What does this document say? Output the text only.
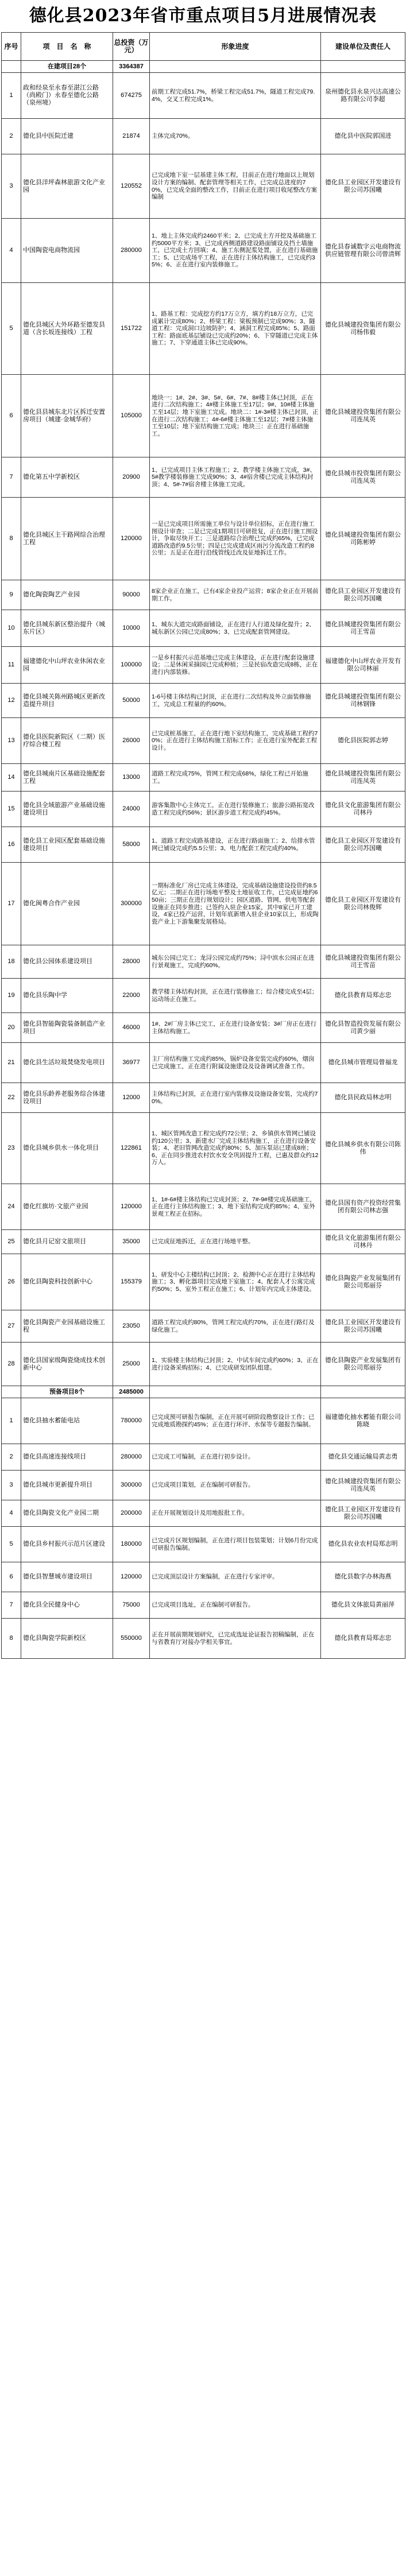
德化县2023年省市重点项目5月进展情况表
序号	项　目　名　称	总投资（万元）	形象进度	建设单位及责任人
	在建项目28个	3364387		
1	政和经泉至永春至湛江公路（尚殿门）永春至德化公路（泉州境）	674275	前期工程完成51.7%，桥梁工程完成51.7%，隧道工程完成79.4%，交叉工程完成1%。	泉州德化县永泉兴达高速公路有限公司李超
2	德化县中医院迁建	21874	主体完成70%。	德化县中医院郭国进
3	德化县洋坪森林旅游文化产业园	120552	已完成地下室一层基建主体工程，目前正在进行地面以上规划设计方案的编制、配套管理等相关工作，已完成总进度的70%，已完成全面的整改工作，目前正在进行项目收尾整改方案编制	德化县工业园区开发建设有限公司苏国曦
4	中国陶瓷电商物流园	280000	1、地上主体完成约2460平米；2、已完成土方开挖及基础施工约5000平方米；3、已完成西侧道路建设路面铺设及挡土墙施工，已完成土方回填；4、施工东侧泥浆处置，正在进行基础施工；5、已完成场平工程，正在进行主体结构施工，已完成约35%；6、正在进行室内装修施工。	德化县春诚数字云电商物流供应链管理有限公司曾清辉
5	德化县城区大外环路至德发县道（含长坂连接线）工程	151722	1、路基工程：完成挖方约17万立方，填方约18万立方，已完成累计完成80%；2、桥梁工程：梁板预制已完成90%；3、隧道工程：完成洞口边坡防护；4、涵洞工程完成85%；5、路面工程：路面底基层铺设已完成约20%；6、下穿隧道已完成主体施工；7、下穿通道主体已完成90%。	德化县城建投资集团有限公司杨伟毅
6	德化县县城东北片区拆迁安置房项目（城建·金城华府）	105000	地块一：1#、2#、3#、5#、6#、7#、8#楼主体已封顶，正在进行二次结构施工；4#楼主体施工至17层；9#、10#楼主体施工至14层；地下室施工完成。地块二：1#-3#楼主体已封顶，正在进行二次结构施工；4#-6#楼主体施工至12层；7#楼主体施工至10层；地下室结构施工完成；地块三：正在进行基础施工。	德化县城建投资集团有限公司连凤英
7	德化第五中学新校区	20900	1、已完成项目主体工程施工；2、教学楼主体施工完成，3#、5#教学楼装修施工完成90%；3、4#宿舍楼已完成主体结构封顶；4、5#-7#宿舍楼主体施工完成。	德化县城市投资集团有限公司连凤英
8	德化县城区主干路网综合治理工程	120000	一是已完成项目所需施工单位与设计单位招标，正在进行施工图设计审查；二是已完成1期项目可研批复，正在进行施工图设计，争取尽快开工；三是道路综合治理已完成约65%，已完成道路改造约9.5公里；四是已完成建成区雨污分流改造工程约8公里；五是正在进行沿线管线迁改及征地拆迁工作。	德化县城建投资集团有限公司陈彬婷
9	德化陶瓷陶艺产业园	90000	8家企业正在施工，已有4家企业投产运营；8家企业正在开展前期工作。	德化县工业园区开发建设有限公司苏国曦
10	德化县城东新区整治提升（城东片区）	10000	1、城东大道完成路面铺设，正在进行人行道及绿化提升；2、城东新区公园已完成80%；3、已完成配套管网建设。	德化县城建投资集团有限公司王雪苗
11	福建德化中山坪农业休闲农业园	100000	一是乡村振兴示范基地已完成主体建设，正在进行配套设施建设；二是休闲采摘园已完成种植；三是民宿改造完成8栋，正在进行内部装修。	福建德化中山坪农业开发有限公司林丽
12	德化县城关陈州路城区更新改造提升项目	50000	1-6号楼主体结构已封顶，正在进行二次结构及外立面装修施工，完成总工程量的约60%。	德化县城建投资集团有限公司林钢锋
13	德化县医院新院区（二期）医疗综合楼工程	26000	已完成桩基施工，正在进行地下室结构施工，完成基础工程约70%；正在进行主体结构施工招标工作；正在进行室外配套工程设计。	德化县医院郭志婷
14	德化县城南片区基础设施配套工程	13000	道路工程完成75%，管网工程完成68%，绿化工程已开始施工。	德化县城建投资集团有限公司连凤英
15	德化县全域旅游产业基础设施建设项目	24000	游客集散中心主体完工，正在进行装修施工；旅游公路拓宽改造工程完成约56%；景区游步道工程完成约45%。	德化县文化旅游集团有限公司林丹
16	德化县工业园区配套基础设施建设项目	58000	1、道路工程完成路基建设，正在进行路面施工；2、给排水管网已铺设完成约5.5公里；3、电力配套工程完成约40%。	德化县工业园区开发建设有限公司苏国曦
17	德化闽粤合作产业园	300000	一期标准化厂房已完成主体建设，完成基础设施建设投资约8.5亿元；二期正在进行场地平整及土地征收工作，已完成征地约650亩；三期正在进行规划设计；园区道路、管网、供电等配套设施正在同步推进；已签约入驻企业15家，其中8家已开工建设，4家已投产运营，计划年底新增入驻企业10家以上，形成陶瓷产业上下游集聚发展格局。	德化县工业园区开发建设有限公司林俊辉
18	德化县公园体系建设项目	28000	城东公园已完工；龙浔公园完成约75%；浔中滨水公园正在进行景观施工，完成约60%。	德化县城建投资集团有限公司王雪苗
19	德化县乐陶中学	22000	教学楼主体结构封顶，正在进行装修施工；综合楼完成至4层；运动场正在施工。	德化县教育局郑志忠
20	德化县智能陶瓷装备制造产业项目	46000	1#、2#厂房主体已完工，正在进行设备安装；3#厂房正在进行主体结构施工。	德化县智造投资发展有限公司黄少丽
21	德化县生活垃圾焚烧发电项目	36977	主厂房结构施工完成约85%，锅炉设备安装完成约60%，烟囱已完成施工，正在进行附属设施建设及设备调试准备工作。	德化县城市管理局曾福龙
22	德化县乐龄养老服务综合体建设项目	12000	主体结构已封顶，正在进行室内装修及设施设备安装，完成约70%。	德化县民政局林志明
23	德化县城乡供水一体化项目	122861	1、城区管网改造工程完成约72公里；2、乡镇供水管网已铺设约120公里；3、新建水厂完成主体结构施工，正在进行设备安装；4、老旧管网改造完成约80%；5、加压泵站已建成8座；6、正在同步推进农村饮水安全巩固提升工程，已惠及群众约12万人。	德化县城乡供水有限公司陈伟
24	德化红旗坊·文旅产业园	120000	1、1#-6#楼主体结构已完成封顶；2、7#-9#楼完成基础施工，正在进行主体结构施工；3、地下室结构完成约85%；4、室外景观工程正在招标。	德化县国有资产投资经营集团有限公司林志强
25	德化县月记窑文旅项目	35000	已完成征地拆迁，正在进行场地平整。	德化县文化旅游集团有限公司林丹
26	德化县陶瓷科技创新中心	155379	1、研发中心主楼结构已封顶；2、检测中心正在进行主体结构施工；3、孵化器项目完成地下室施工；4、配套人才公寓完成约50%；5、室外工程正在施工；6、计划年内完成主体建设。	德化县陶瓷产业发展集团有限公司郑丽芬
27	德化县陶瓷产业园基础设施工程	23050	道路工程完成约80%，管网工程完成约70%，正在进行路灯及绿化施工。	德化县工业园区开发建设有限公司苏国曦
28	德化县国家级陶瓷烧成技术创新中心	25000	1、实验楼主体结构已封顶；2、中试车间完成约60%；3、正在进行设备采购招标；4、已完成研发团队组建。	德化县陶瓷产业发展集团有限公司郑丽芬
	预备项目8个	2485000		
1	德化县抽水蓄能电站	780000	已完成预可研报告编制，正在开展可研阶段勘察设计工作；已完成地质勘探约45%；正在进行环评、水保等专题报告编制。	福建德化抽水蓄能有限公司陈晓
2	德化县高速连接线项目	280000	已完成工可编制，正在进行初步设计。	德化县交通运输局黄志勇
3	德化县城市更新提升项目	300000	已完成项目策划，正在编制可研报告。	德化县城建投资集团有限公司连凤英
4	德化县陶瓷文化产业园二期	200000	正在开展规划设计及用地报批工作。	德化县工业园区开发建设有限公司苏国曦
5	德化县乡村振兴示范片区建设	180000	已完成片区规划编制，正在进行项目包装策划；计划6月份完成可研报告编制。	德化县农业农村局郑志明
6	德化县智慧城市建设项目	120000	已完成顶层设计方案编制，正在进行专家评审。	德化县数字办林海燕
7	德化县全民健身中心	75000	已完成项目选址，正在编制可研报告。	德化县文体旅局黄丽萍
8	德化县陶瓷学院新校区	550000	正在开展前期规划研究，已完成选址论证报告初稿编制，正在与省教育厅对接办学相关事宜。	德化县教育局郑志忠
